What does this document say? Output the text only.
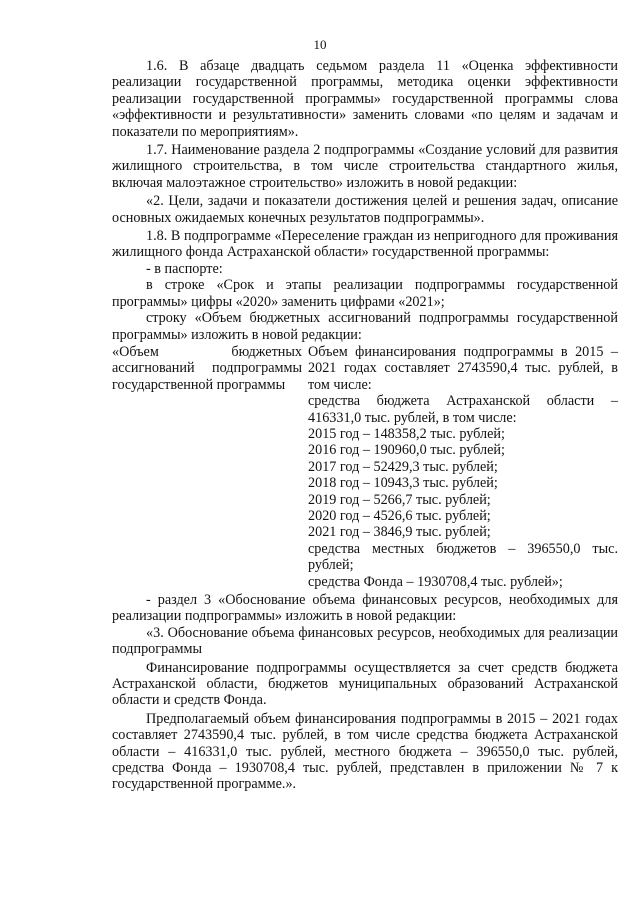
10

1.6. В абзаце двадцать седьмом раздела 11 «Оценка эффективности реализации государственной программы, методика оценки эффективности реализации государственной программы» государственной программы слова «эффективности и результативности» заменить словами «по целям и задачам и показатели по мероприятиям».

1.7. Наименование раздела 2 подпрограммы «Создание условий для развития жилищного строительства, в том числе строительства стандартного жилья, включая малоэтажное строительство» изложить в новой редакции:

«2. Цели, задачи и показатели достижения целей и решения задач, описание основных ожидаемых конечных результатов подпрограммы».

1.8. В подпрограмме «Переселение граждан из непригодного для проживания жилищного фонда Астраханской области» государственной программы:

- в паспорте:

в строке «Срок и этапы реализации подпрограммы государственной программы» цифры «2020» заменить цифрами «2021»;

строку «Объем бюджетных ассигнований подпрограммы государственной программы» изложить в новой редакции:

«Объем бюджетных ассигнований подпрограммы государственной программы
Объем финансирования подпрограммы в 2015 – 2021 годах составляет 2743590,4 тыс. рублей, в том числе:
средства бюджета Астраханской области – 416331,0 тыс. рублей, в том числе:
2015 год – 148358,2 тыс. рублей;
2016 год – 190960,0 тыс. рублей;
2017 год – 52429,3 тыс. рублей;
2018 год – 10943,3 тыс. рублей;
2019 год – 5266,7 тыс. рублей;
2020 год – 4526,6 тыс. рублей;
2021 год – 3846,9 тыс. рублей;
средства местных бюджетов – 396550,0 тыс. рублей;
средства Фонда – 1930708,4 тыс. рублей»;

- раздел 3 «Обоснование объема финансовых ресурсов, необходимых для реализации подпрограммы» изложить в новой редакции:

«3. Обоснование объема финансовых ресурсов, необходимых для реализации подпрограммы

Финансирование подпрограммы осуществляется за счет средств бюджета Астраханской области, бюджетов муниципальных образований Астраханской области и средств Фонда.

Предполагаемый объем финансирования подпрограммы в 2015 – 2021 годах составляет 2743590,4 тыс. рублей, в том числе средства бюджета Астраханской области – 416331,0 тыс. рублей, местного бюджета – 396550,0 тыс. рублей, средства Фонда – 1930708,4 тыс. рублей, представлен в приложении № 7 к государственной программе.».
